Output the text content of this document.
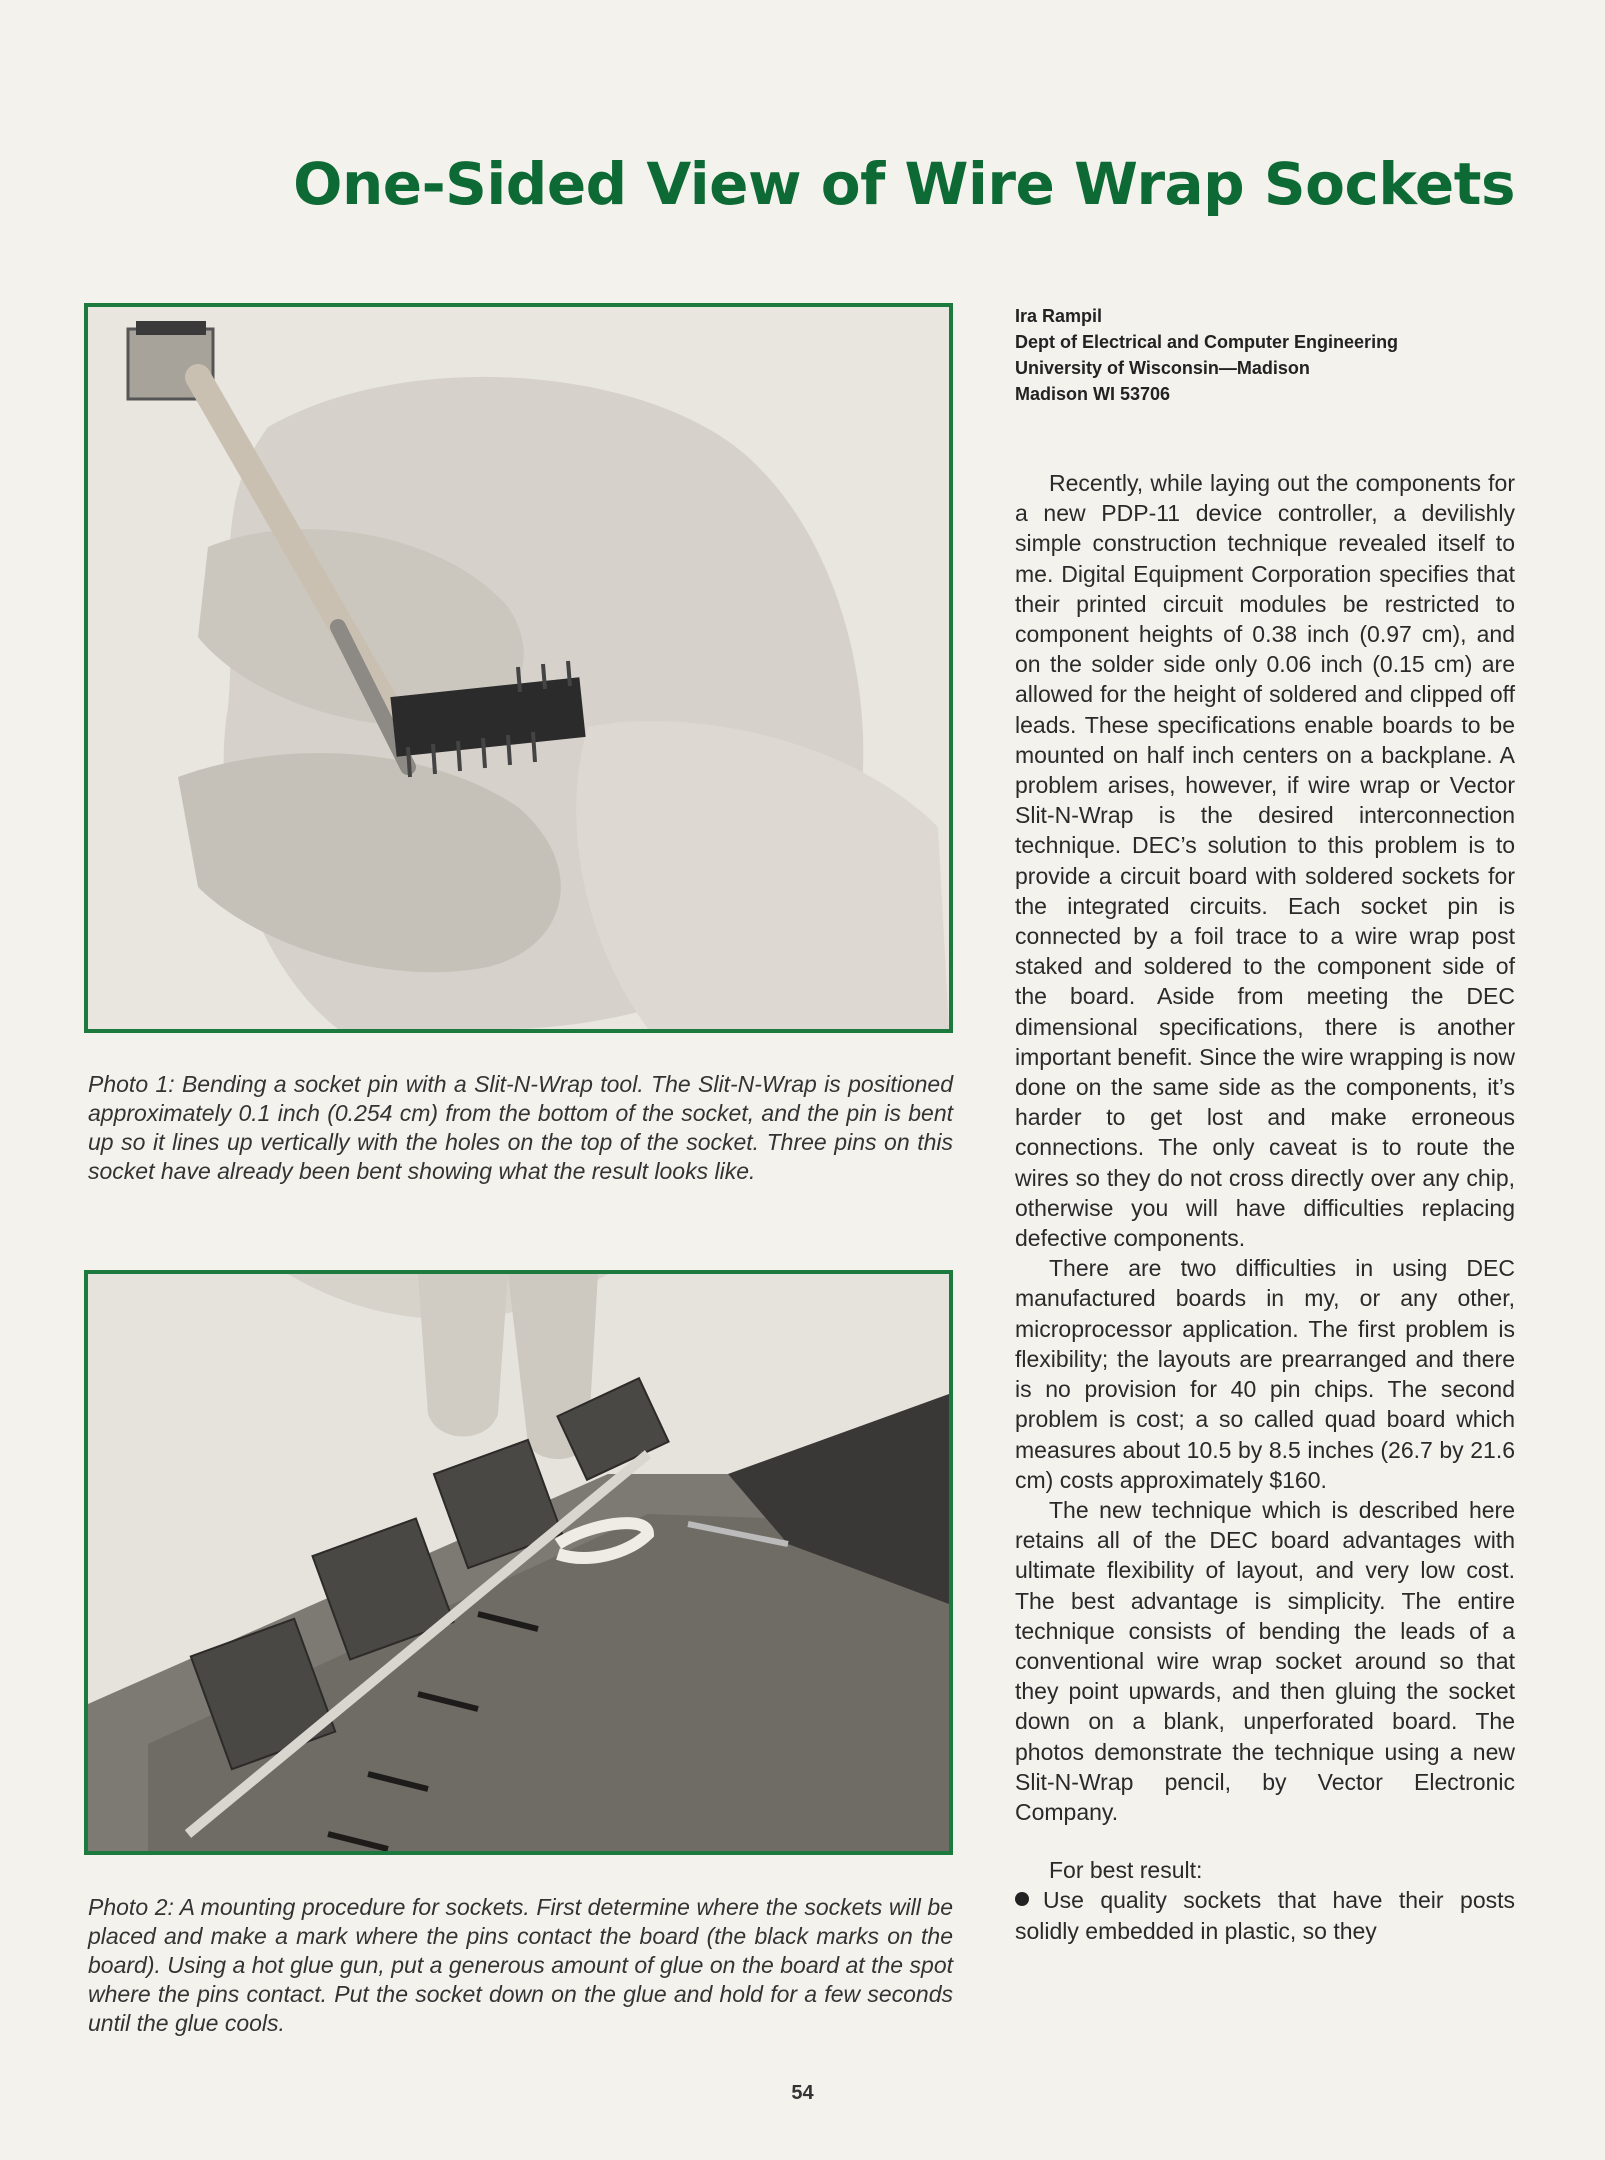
One-Sided View of Wire Wrap Sockets
Photo 1: Bending a socket pin with a Slit-N-Wrap tool. The Slit-N-Wrap is positioned approximately 0.1 inch (0.254 cm) from the bottom of the socket, and the pin is bent up so it lines up vertically with the holes on the top of the socket. Three pins on this socket have already been bent showing what the result looks like.
Photo 2: A mounting procedure for sockets. First determine where the sockets will be placed and make a mark where the pins contact the board (the black marks on the board). Using a hot glue gun, put a generous amount of glue on the board at the spot where the pins contact. Put the socket down on the glue and hold for a few seconds until the glue cools.
Ira Rampil
Dept of Electrical and Computer Engineering
University of Wisconsin—Madison
Madison WI 53706

Recently, while laying out the components for a new PDP-11 device controller, a devilishly simple construction technique revealed itself to me. Digital Equipment Corporation specifies that their printed circuit modules be restricted to component heights of 0.38 inch (0.97 cm), and on the solder side only 0.06 inch (0.15 cm) are allowed for the height of soldered and clipped off leads. These specifications enable boards to be mounted on half inch centers on a backplane. A problem arises, however, if wire wrap or Vector Slit-N-Wrap is the desired interconnection technique. DEC’s solution to this problem is to provide a circuit board with soldered sockets for the integrated circuits. Each socket pin is connected by a foil trace to a wire wrap post staked and soldered to the component side of the board. Aside from meeting the DEC dimensional specifications, there is another important benefit. Since the wire wrapping is now done on the same side as the components, it’s harder to get lost and make erroneous connections. The only caveat is to route the wires so they do not cross directly over any chip, otherwise you will have difficulties replacing defective components.

There are two difficulties in using DEC manufactured boards in my, or any other, microprocessor application. The first problem is flexibility; the layouts are prearranged and there is no provision for 40 pin chips. The second problem is cost; a so called quad board which measures about 10.5 by 8.5 inches (26.7 by 21.6 cm) costs approximately $160.

The new technique which is described here retains all of the DEC board advantages with ultimate flexibility of layout, and very low cost. The best advantage is simplicity. The entire technique consists of bending the leads of a conventional wire wrap socket around so that they point upwards, and then gluing the socket down on a blank, unperforated board. The photos demonstrate the technique using a new Slit-N-Wrap pencil, by Vector Electronic Company.

For best result:

Use quality sockets that have their posts solidly embedded in plastic, so they
54
